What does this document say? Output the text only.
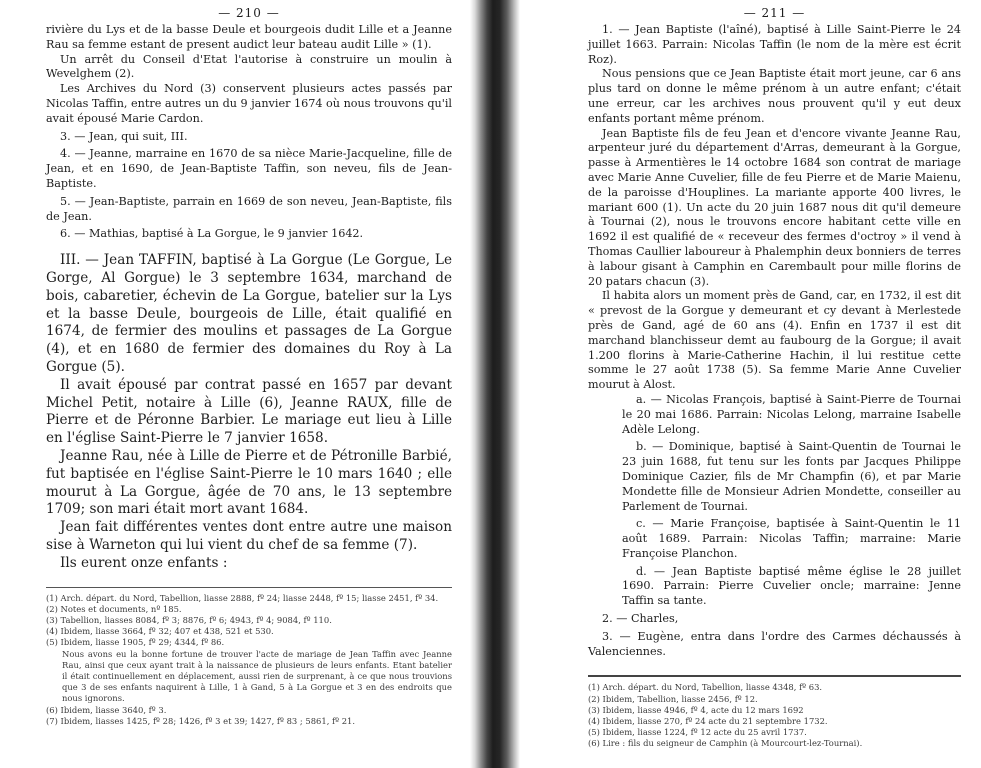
— 210 —

rivière du Lys et de la basse Deule et bourgeois dudit Lille et a Jeanne Rau sa femme estant de present audict leur bateau audit Lille » (1).

Un arrêt du Conseil d'Etat l'autorise à construire un moulin à Wevelghem (2).

Les Archives du Nord (3) conservent plusieurs actes passés par Nicolas Taffin, entre autres un du 9 janvier 1674 où nous trouvons qu'il avait épousé Marie Cardon.

3. — Jean, qui suit, III.

4. — Jeanne, marraine en 1670 de sa nièce Marie-Jacqueline, fille de Jean, et en 1690, de Jean-Baptiste Taffin, son neveu, fils de Jean-Baptiste.

5. — Jean-Baptiste, parrain en 1669 de son neveu, Jean-Baptiste, fils de Jean.

6. — Mathias, baptisé à La Gorgue, le 9 janvier 1642.

III. — Jean TAFFIN, baptisé à La Gorgue (Le Gorgue, Le Gorge, Al Gorgue) le 3 septembre 1634, marchand de bois, cabaretier, échevin de La Gorgue, batelier sur la Lys et la basse Deule, bourgeois de Lille, était qualifié en 1674, de fermier des moulins et passages de La Gorgue (4), et en 1680 de fermier des domaines du Roy à La Gorgue (5).

Il avait épousé par contrat passé en 1657 par devant Michel Petit, notaire à Lille (6), Jeanne RAUX, fille de Pierre et de Péronne Barbier. Le mariage eut lieu à Lille en l'église Saint-Pierre le 7 janvier 1658.

Jeanne Rau, née à Lille de Pierre et de Pétronille Barbié, fut baptisée en l'église Saint-Pierre le 10 mars 1640 ; elle mourut à La Gorgue, âgée de 70 ans, le 13 septembre 1709; son mari était mort avant 1684.

Jean fait différentes ventes dont entre autre une maison sise à Warneton qui lui vient du chef de sa femme (7).

Ils eurent onze enfants :

(1) Arch. départ. du Nord, Tabellion, liasse 2888, fº 24; liasse 2448, fº 15; liasse 2451, fº 34.

(2) Notes et documents, nº 185.

(3) Tabellion, liasses 8084, fº 3; 8876, fº 6; 4943, fº 4; 9084, fº 110.

(4) Ibidem, liasse 3664, fº 32; 407 et 438, 521 et 530.

(5) Ibidem, liasse 1905, fº 29; 4344, fº 86.

Nous avons eu la bonne fortune de trouver l'acte de mariage de Jean Taffin avec Jeanne Rau, ainsi que ceux ayant trait à la naissance de plusieurs de leurs enfants. Etant batelier il était continuellement en déplacement, aussi rien de surprenant, à ce que nous trouvions que 3 de ses enfants naquirent à Lille, 1 à Gand, 5 à La Gorgue et 3 en des endroits que nous ignorons.

(6) Ibidem, liasse 3640, fº 3.

(7) Ibidem, liasses 1425, fº 28; 1426, fº 3 et 39; 1427, fº 83 ; 5861, fº 21.

— 211 —

1. — Jean Baptiste (l'aîné), baptisé à Lille Saint-Pierre le 24 juillet 1663. Parrain: Nicolas Taffin (le nom de la mère est écrit Roz).

Nous pensions que ce Jean Baptiste était mort jeune, car 6 ans plus tard on donne le même prénom à un autre enfant; c'était une erreur, car les archives nous prouvent qu'il y eut deux enfants portant même prénom.

Jean Baptiste fils de feu Jean et d'encore vivante Jeanne Rau, arpenteur juré du département d'Arras, demeurant à la Gorgue, passe à Armentières le 14 octobre 1684 son contrat de mariage avec Marie Anne Cuvelier, fille de feu Pierre et de Marie Maienu, de la paroisse d'Houplines. La mariante apporte 400 livres, le mariant 600 (1). Un acte du 20 juin 1687 nous dit qu'il demeure à Tournai (2), nous le trouvons encore habitant cette ville en 1692 il est qualifié de « receveur des fermes d'octroy » il vend à Thomas Caullier laboureur à Phalemphin deux bonniers de terres à labour gisant à Camphin en Carembault pour mille florins de 20 patars chacun (3).

Il habita alors un moment près de Gand, car, en 1732, il est dit « prevost de la Gorgue y demeurant et cy devant à Merlestede près de Gand, agé de 60 ans (4). Enfin en 1737 il est dit marchand blanchisseur demt au faubourg de la Gorgue; il avait 1.200 florins à Marie-Catherine Hachin, il lui restitue cette somme le 27 août 1738 (5). Sa femme Marie Anne Cuvelier mourut à Alost.

a. — Nicolas François, baptisé à Saint-Pierre de Tournai le 20 mai 1686. Parrain: Nicolas Lelong, marraine Isabelle Adèle Lelong.

b. — Dominique, baptisé à Saint-Quentin de Tournai le 23 juin 1688, fut tenu sur les fonts par Jacques Philippe Dominique Cazier, fils de Mr Champfin (6), et par Marie Mondette fille de Monsieur Adrien Mondette, conseiller au Parlement de Tournai.

c. — Marie Françoise, baptisée à Saint-Quentin le 11 août 1689. Parrain: Nicolas Taffin; marraine: Marie Françoise Planchon.

d. — Jean Baptiste baptisé même église le 28 juillet 1690. Parrain: Pierre Cuvelier oncle; marraine: Jenne Taffin sa tante.

2. — Charles,

3. — Eugène, entra dans l'ordre des Carmes déchaussés à Valenciennes.

(1) Arch. départ. du Nord, Tabellion, liasse 4348, fº 63.

(2) Ibidem, Tabellion, liasse 2456, fº 12.

(3) Ibidem, liasse 4946, fº 4, acte du 12 mars 1692

(4) Ibidem, liasse 270, fº 24 acte du 21 septembre 1732.

(5) Ibidem, liasse 1224, fº 12 acte du 25 avril 1737.

(6) Lire : fils du seigneur de Camphin (à Mourcourt-lez-Tournai).
